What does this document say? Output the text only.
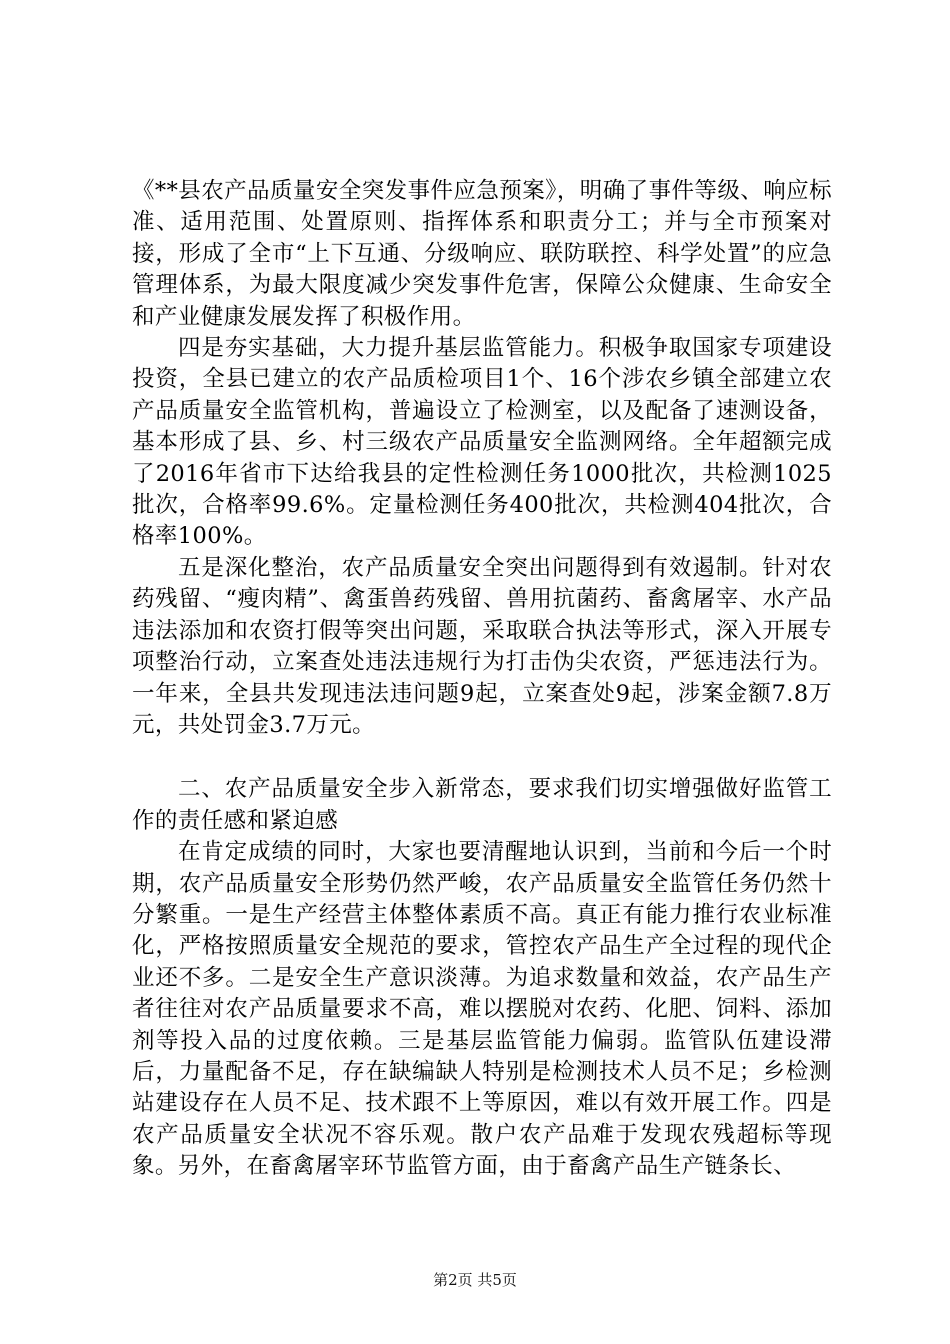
《**县农产品质量安全突发事件应急预案》，明确了事件等级、响应标准、适用范围、处置原则、指挥体系和职责分工；并与全市预案对接，形成了全市“上下互通、分级响应、联防联控、科学处置”的应急管理体系，为最大限度减少突发事件危害，保障公众健康、生命安全和产业健康发展发挥了积极作用。

四是夯实基础，大力提升基层监管能力。积极争取国家专项建设投资，全县已建立的农产品质检项目1个、16个涉农乡镇全部建立农产品质量安全监管机构，普遍设立了检测室，以及配备了速测设备，基本形成了县、乡、村三级农产品质量安全监测网络。全年超额完成了2016年省市下达给我县的定性检测任务1000批次，共检测1025批次，合格率99.6%。定量检测任务400批次，共检测404批次，合格率100%。

五是深化整治，农产品质量安全突出问题得到有效遏制。针对农药残留、“瘦肉精”、禽蛋兽药残留、兽用抗菌药、畜禽屠宰、水产品违法添加和农资打假等突出问题，采取联合执法等形式，深入开展专项整治行动，立案查处违法违规行为打击伪尖农资，严惩违法行为。一年来，全县共发现违法违问题9起，立案查处9起，涉案金额7.8万元，共处罚金3.7万元。

二、农产品质量安全步入新常态，要求我们切实增强做好监管工作的责任感和紧迫感

在肯定成绩的同时，大家也要清醒地认识到，当前和今后一个时期，农产品质量安全形势仍然严峻，农产品质量安全监管任务仍然十分繁重。一是生产经营主体整体素质不高。真正有能力推行农业标准化，严格按照质量安全规范的要求，管控农产品生产全过程的现代企业还不多。二是安全生产意识淡薄。为追求数量和效益，农产品生产者往往对农产品质量要求不高，难以摆脱对农药、化肥、饲料、添加剂等投入品的过度依赖。三是基层监管能力偏弱。监管队伍建设滞后，力量配备不足，存在缺编缺人特别是检测技术人员不足；乡检测站建设存在人员不足、技术跟不上等原因，难以有效开展工作。四是农产品质量安全状况不容乐观。散户农产品难于发现农残超标等现象。另外，在畜禽屠宰环节监管方面，由于畜禽产品生产链条长、

第2页 共5页
